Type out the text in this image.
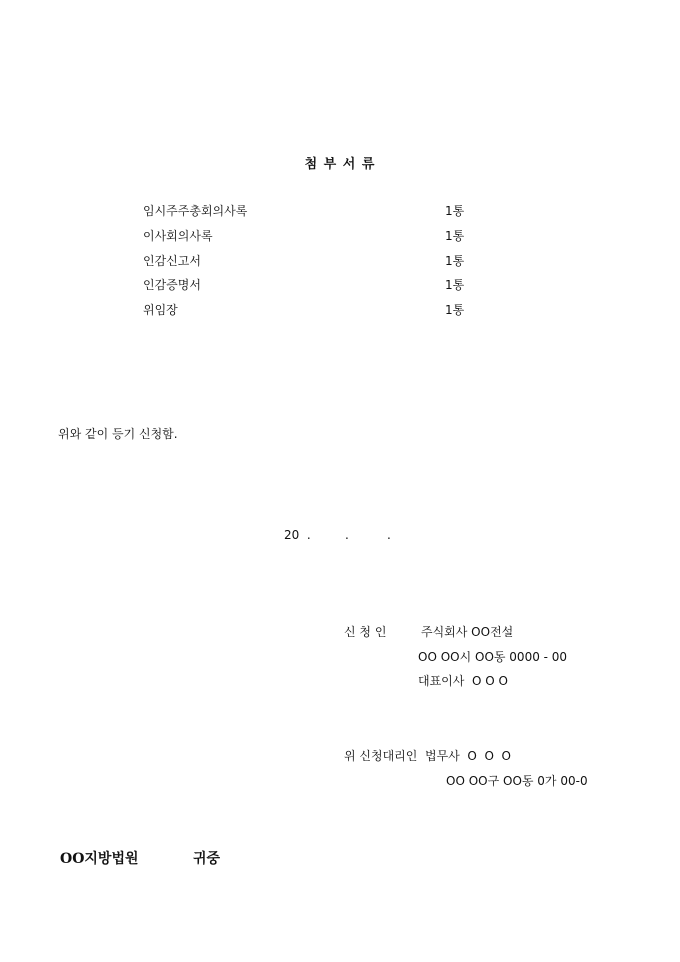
첨 부 서 류
임시주주총회의사록	1통
이사회의사록	1통
인감신고서	1통
인감증명서	1통
위임장	1통
위와 같이 등기 신청함.
20  .         .          .
신 청 인	주식회사 OO전설
OO OO시 OO동 0000 - 00
대표이사  O O O
위 신청대리인  법무사  O  O  O
OO OO구 OO동 0가 00-0
OO지방법원	귀중
